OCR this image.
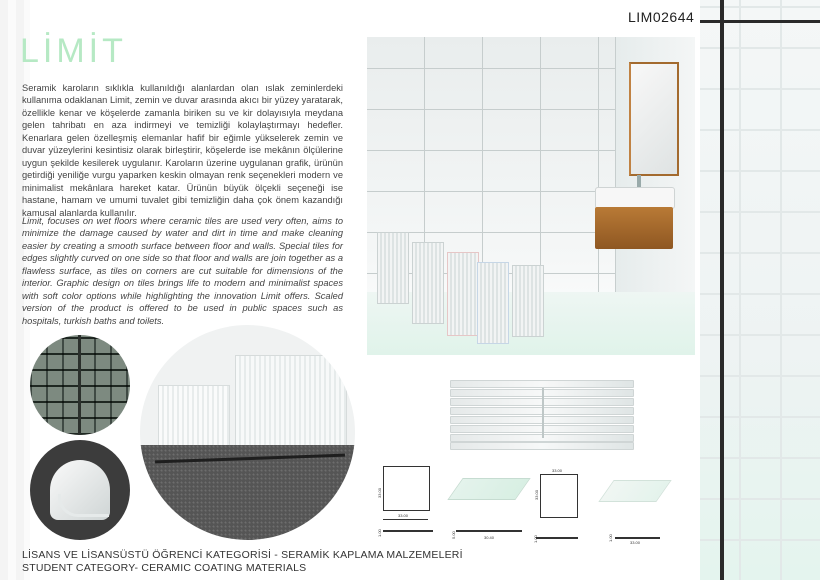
LIM02644
LİMİT

Seramik karoların sıklıkla kullanıldığı alanlardan olan ıslak zeminlerdeki kullanıma odaklanan Limit, zemin ve duvar arasında akıcı bir yüzey yaratarak, özellikle kenar ve köşelerde zamanla biriken su ve kir dolayısıyla meydana gelen tahribatı en aza indirmeyi ve temizliği kolaylaştırmayı hedefler. Kenarlara gelen özelleşmiş elemanlar hafif bir eğimle yükselerek zemin ve duvar yüzeylerini kesintisiz olarak birleştirir, köşelerde ise mekânın ölçülerine uygun şekilde kesilerek uygulanır. Karoların üzerine uygulanan grafik, ürünün getirdiği yeniliğe vurgu yaparken keskin olmayan renk seçenekleri modern ve minimalist mekânlara hareket katar. Ürünün büyük ölçekli seçeneği ise hastane, hamam ve umumi tuvalet gibi temizliğin daha çok önem kazandığı kamusal alanlarda kullanılır.

Limit, focuses on wet floors where ceramic tiles are used very often, aims to minimize the damage caused by water and dirt in time and make cleaning easier by creating a smooth surface between floor and walls. Special tiles for edges slightly curved on one side so that floor and walls are join together as a flawless surface, as tiles on corners are cut suitable for dimensions of the interior. Graphic design on tiles brings life to modern and minimalist spaces with soft color options while highlighting the innovation Limit offers. Scaled version of the product is offered to be used in public spaces such as hospitals, turkish baths and toilets.

33.00
33.00
1.00
30.40
5.00
33.00
33.00
1.00	33.00
1.00
LİSANS VE LİSANSÜSTÜ ÖĞRENCİ KATEGORİSİ - SERAMİK KAPLAMA MALZEMELERİ
STUDENT CATEGORY- CERAMIC COATING MATERIALS
